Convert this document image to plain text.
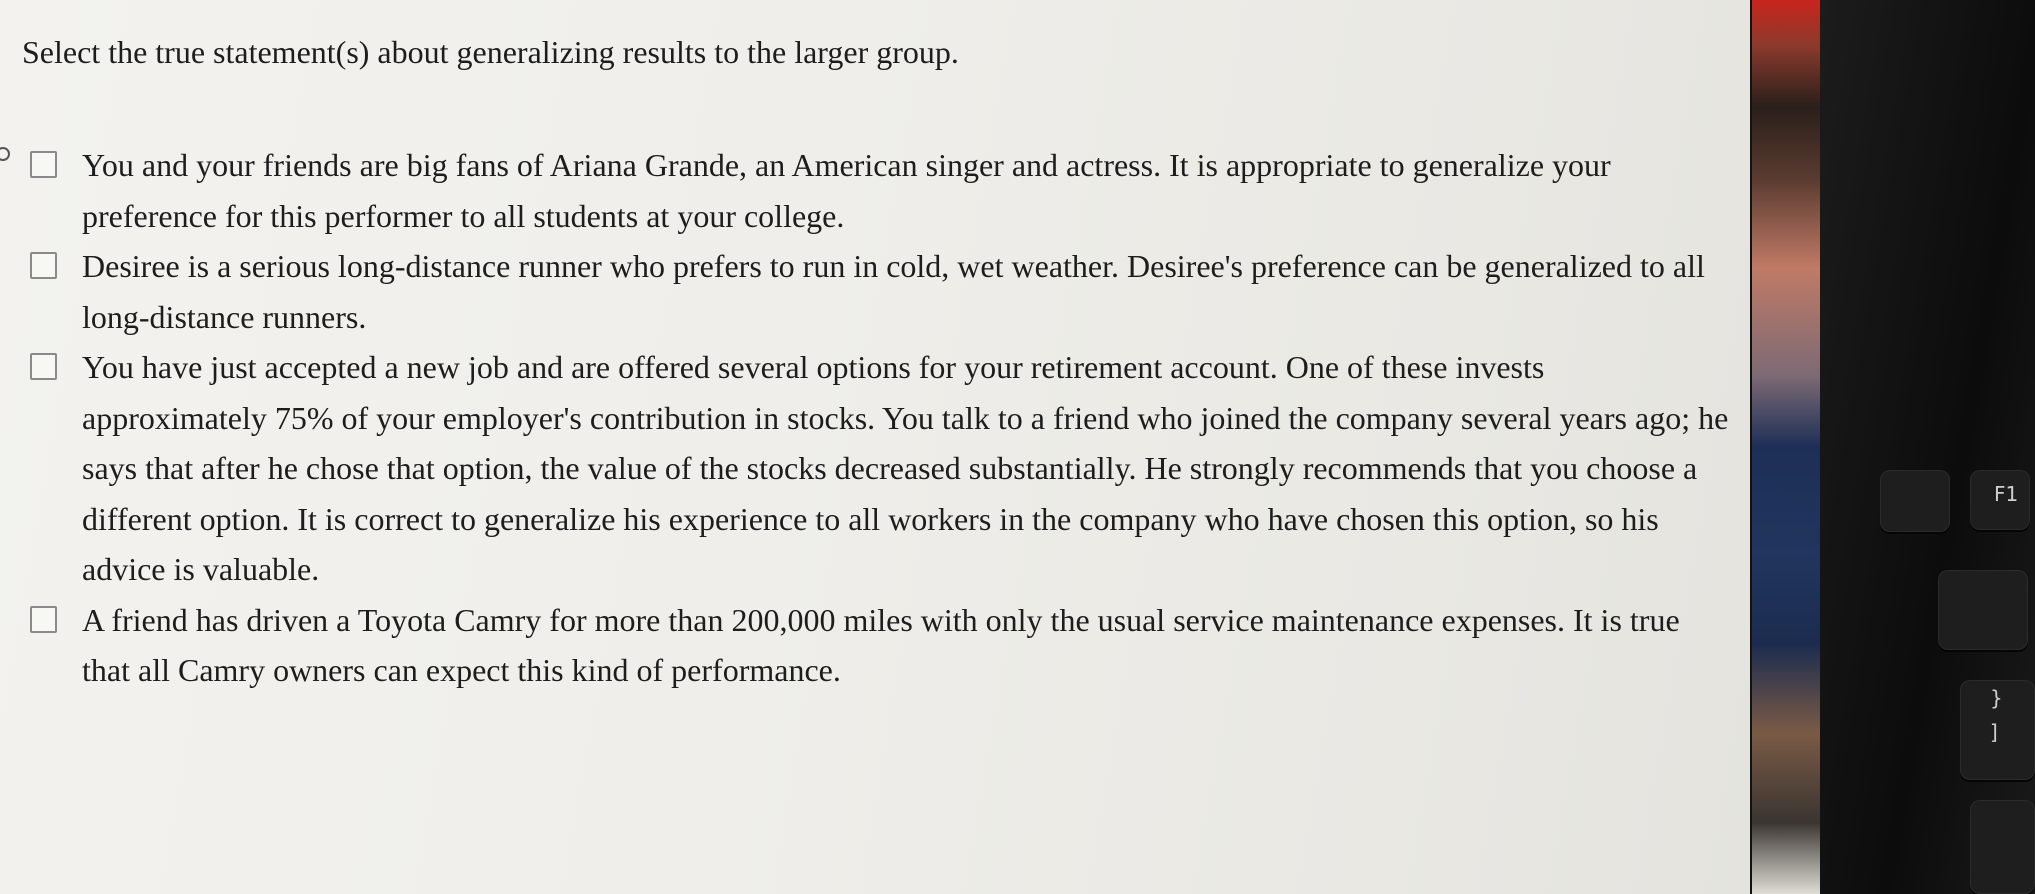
Select the true statement(s) about generalizing results to the larger group.
You and your friends are big fans of Ariana Grande, an American singer and actress. It is appropriate to generalize your preference for this performer to all students at your college.
Desiree is a serious long-distance runner who prefers to run in cold, wet weather. Desiree's preference can be generalized to all long-distance runners.
You have just accepted a new job and are offered several options for your retirement account. One of these invests approximately 75% of your employer's contribution in stocks. You talk to a friend who joined the company several years ago; he says that after he chose that option, the value of the stocks decreased substantially. He strongly recommends that you choose a different option. It is correct to generalize his experience to all workers in the company who have chosen this option, so his advice is valuable.
A friend has driven a Toyota Camry for more than 200,000 miles with only the usual service maintenance expenses. It is true that all Camry owners can expect this kind of performance.
F1
}
]
